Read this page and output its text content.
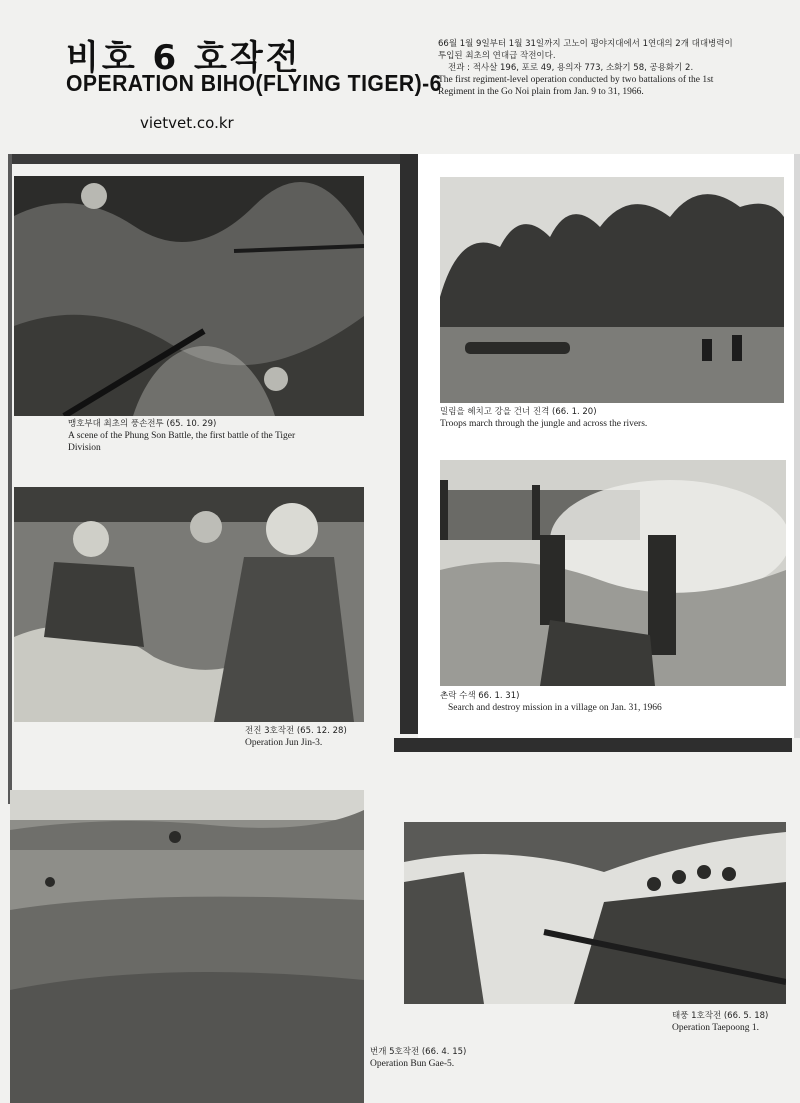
비호 6 호작전
OPERATION BIHO(FLYING TIGER)-6
vietvet.co.kr

66월 1월 9일부터 1월 31일까지 고노이 평야지대에서 1연대의 2개 대대병력이

투입된 최초의 연대급 작전이다.

전과 : 적사살 196, 포로 49, 용의자 773, 소화기 58, 공용화기 2.

The first regiment-level operation conducted by two battalions of the 1st

Regiment in the Go Noi plain from Jan. 9 to 31, 1966.

맹호부대 최초의 풍손전투 (65. 10. 29)
A scene of the Phung Son Battle, the first battle of the Tiger
Division
밀림을 헤치고 강을 건너 진격 (66. 1. 20)
Troops march through the jungle and across the rivers.
전진 3호작전 (65. 12. 28)
Operation Jun Jin-3.
촌락 수색 66. 1. 31)
Search and destroy mission in a village on Jan. 31, 1966
번개 5호작전 (66. 4. 15)
Operation Bun Gae-5.
태풍 1호작전 (66. 5. 18)
Operation Taepoong 1.
